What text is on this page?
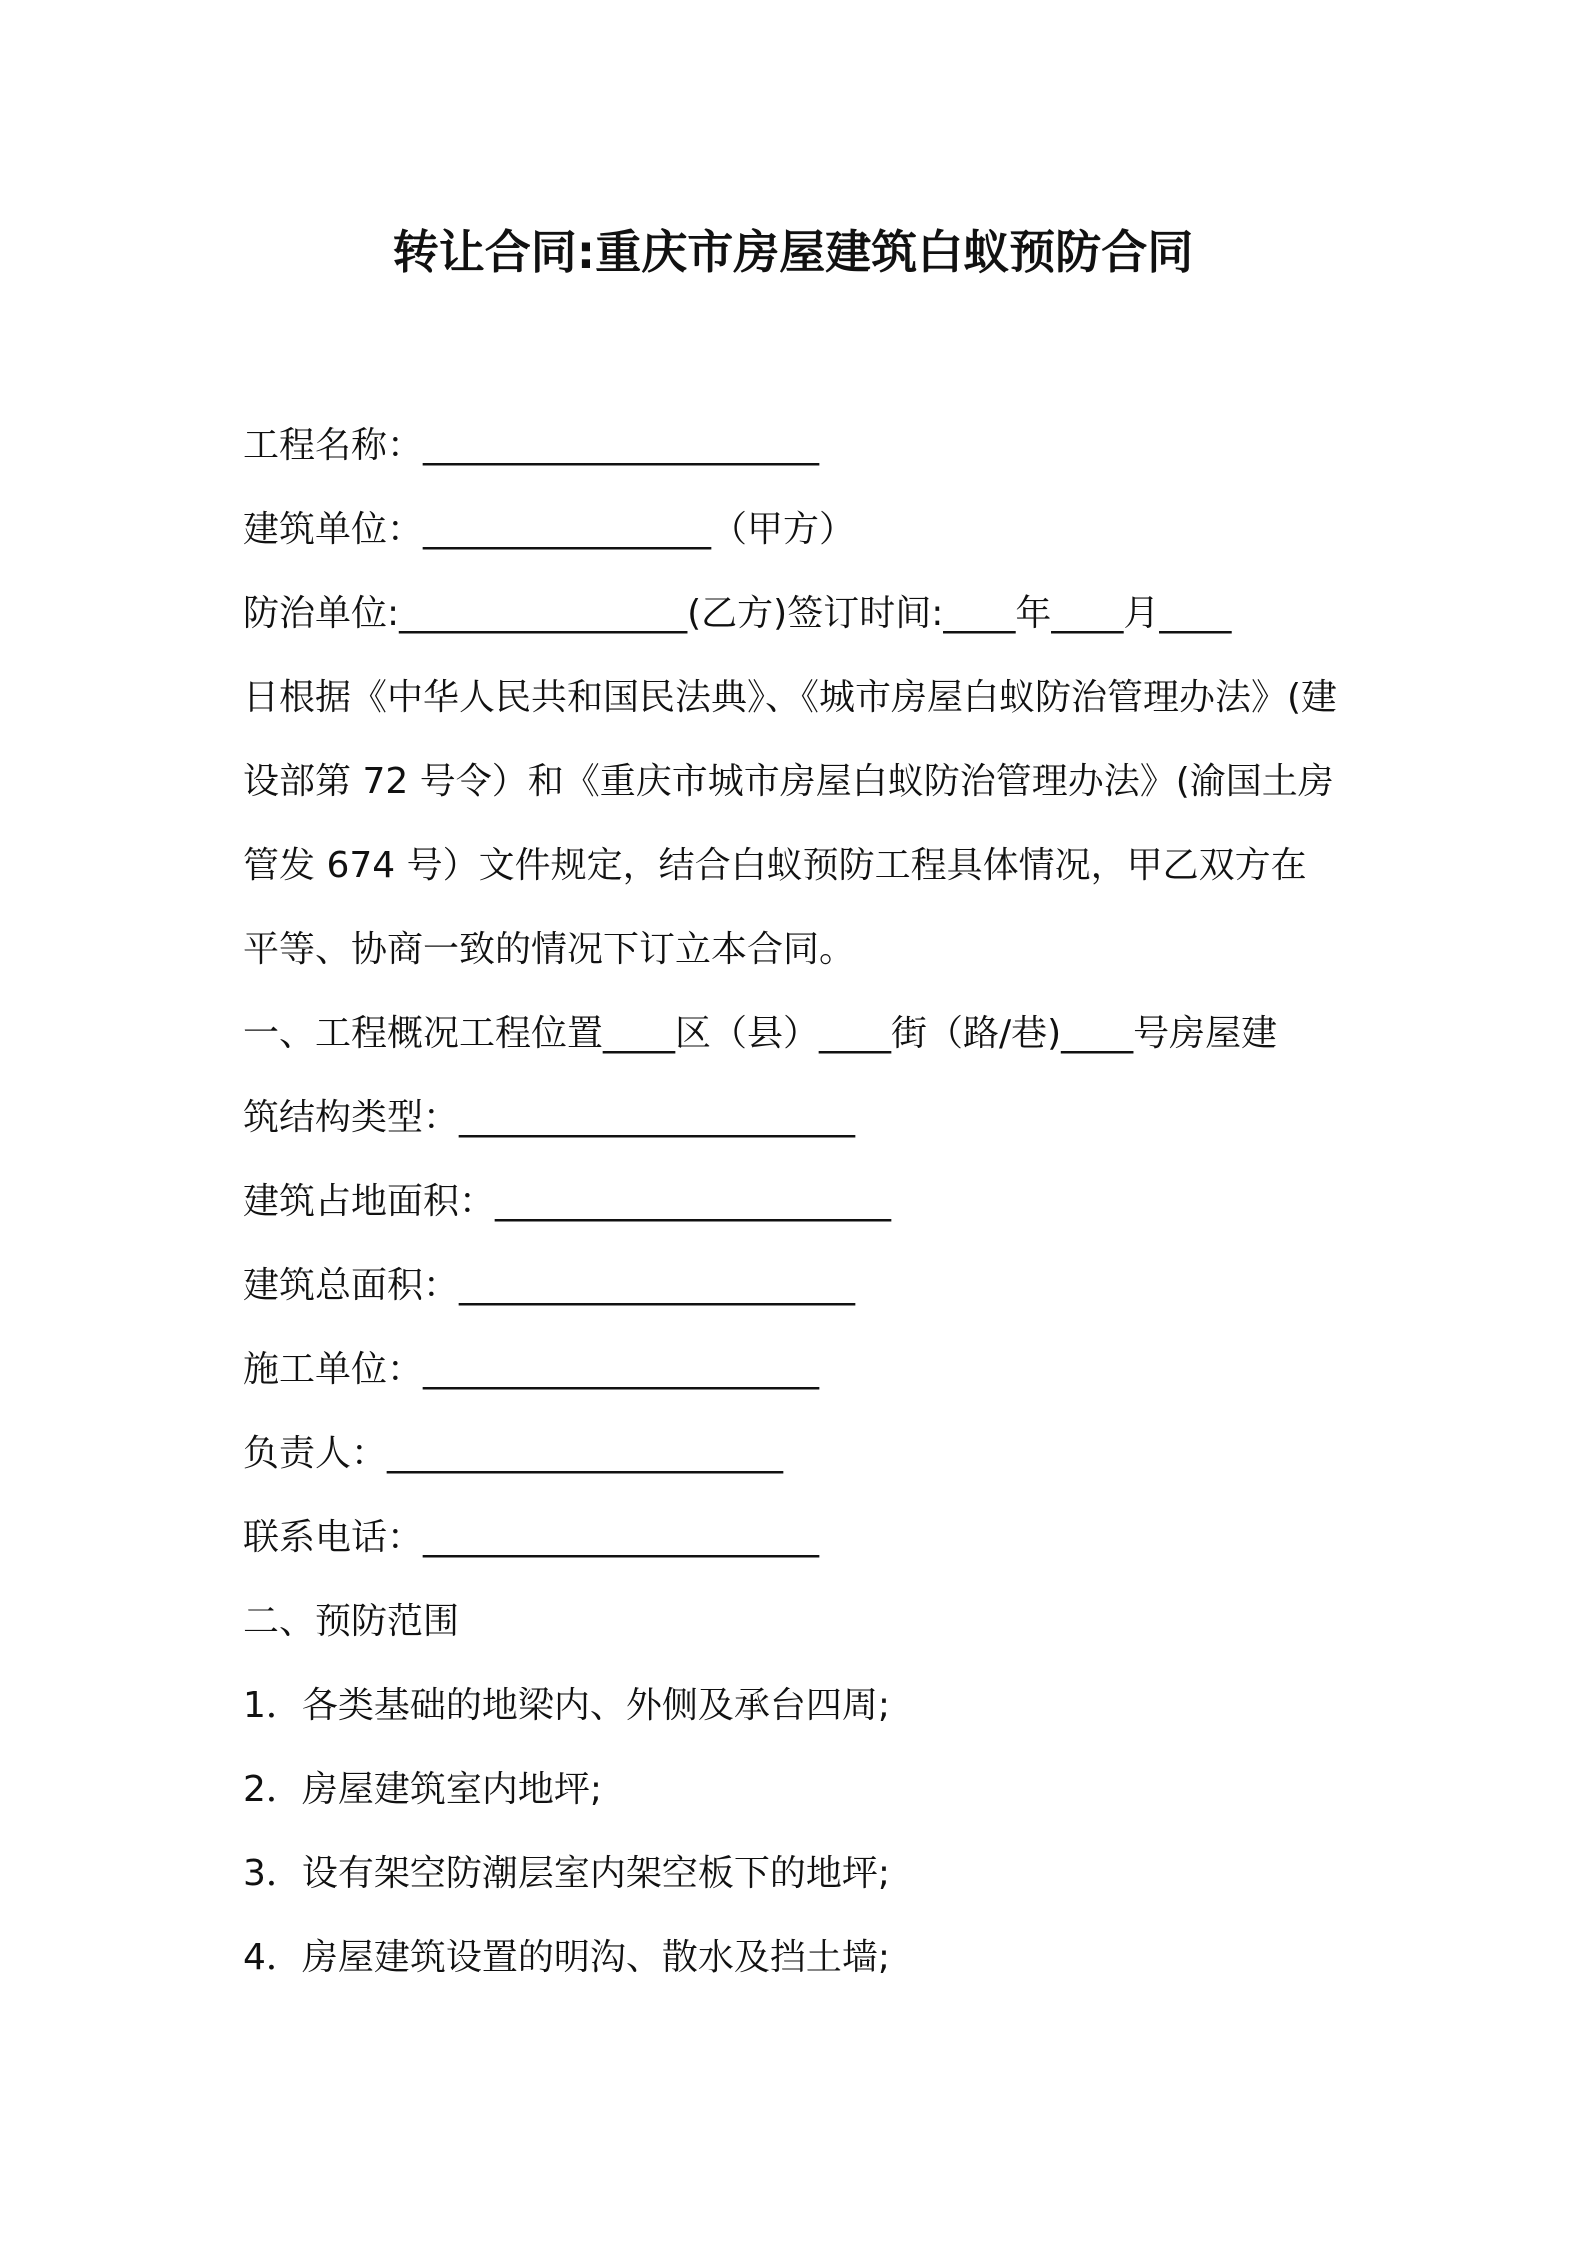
转让合同:重庆市房屋建筑白蚁预防合同
工程名称：______________________
建筑单位：________________（甲方）
防治单位:________________(乙方)签订时间:____年____月____
日根据《中华人民共和国民法典》、《城市房屋白蚁防治管理办法》(建
设部第 72 号令）和《重庆市城市房屋白蚁防治管理办法》(渝国土房
管发 674 号）文件规定，结合白蚁预防工程具体情况，甲乙双方在
平等、协商一致的情况下订立本合同。
一、工程概况工程位置____区（县）____街（路/巷)____号房屋建
筑结构类型：______________________
建筑占地面积：______________________
建筑总面积：______________________
施工单位：______________________
负责人：______________________
联系电话：______________________
二、预防范围
1．各类基础的地梁内、外侧及承台四周;
2．房屋建筑室内地坪;
3．设有架空防潮层室内架空板下的地坪;
4．房屋建筑设置的明沟、散水及挡土墙;
